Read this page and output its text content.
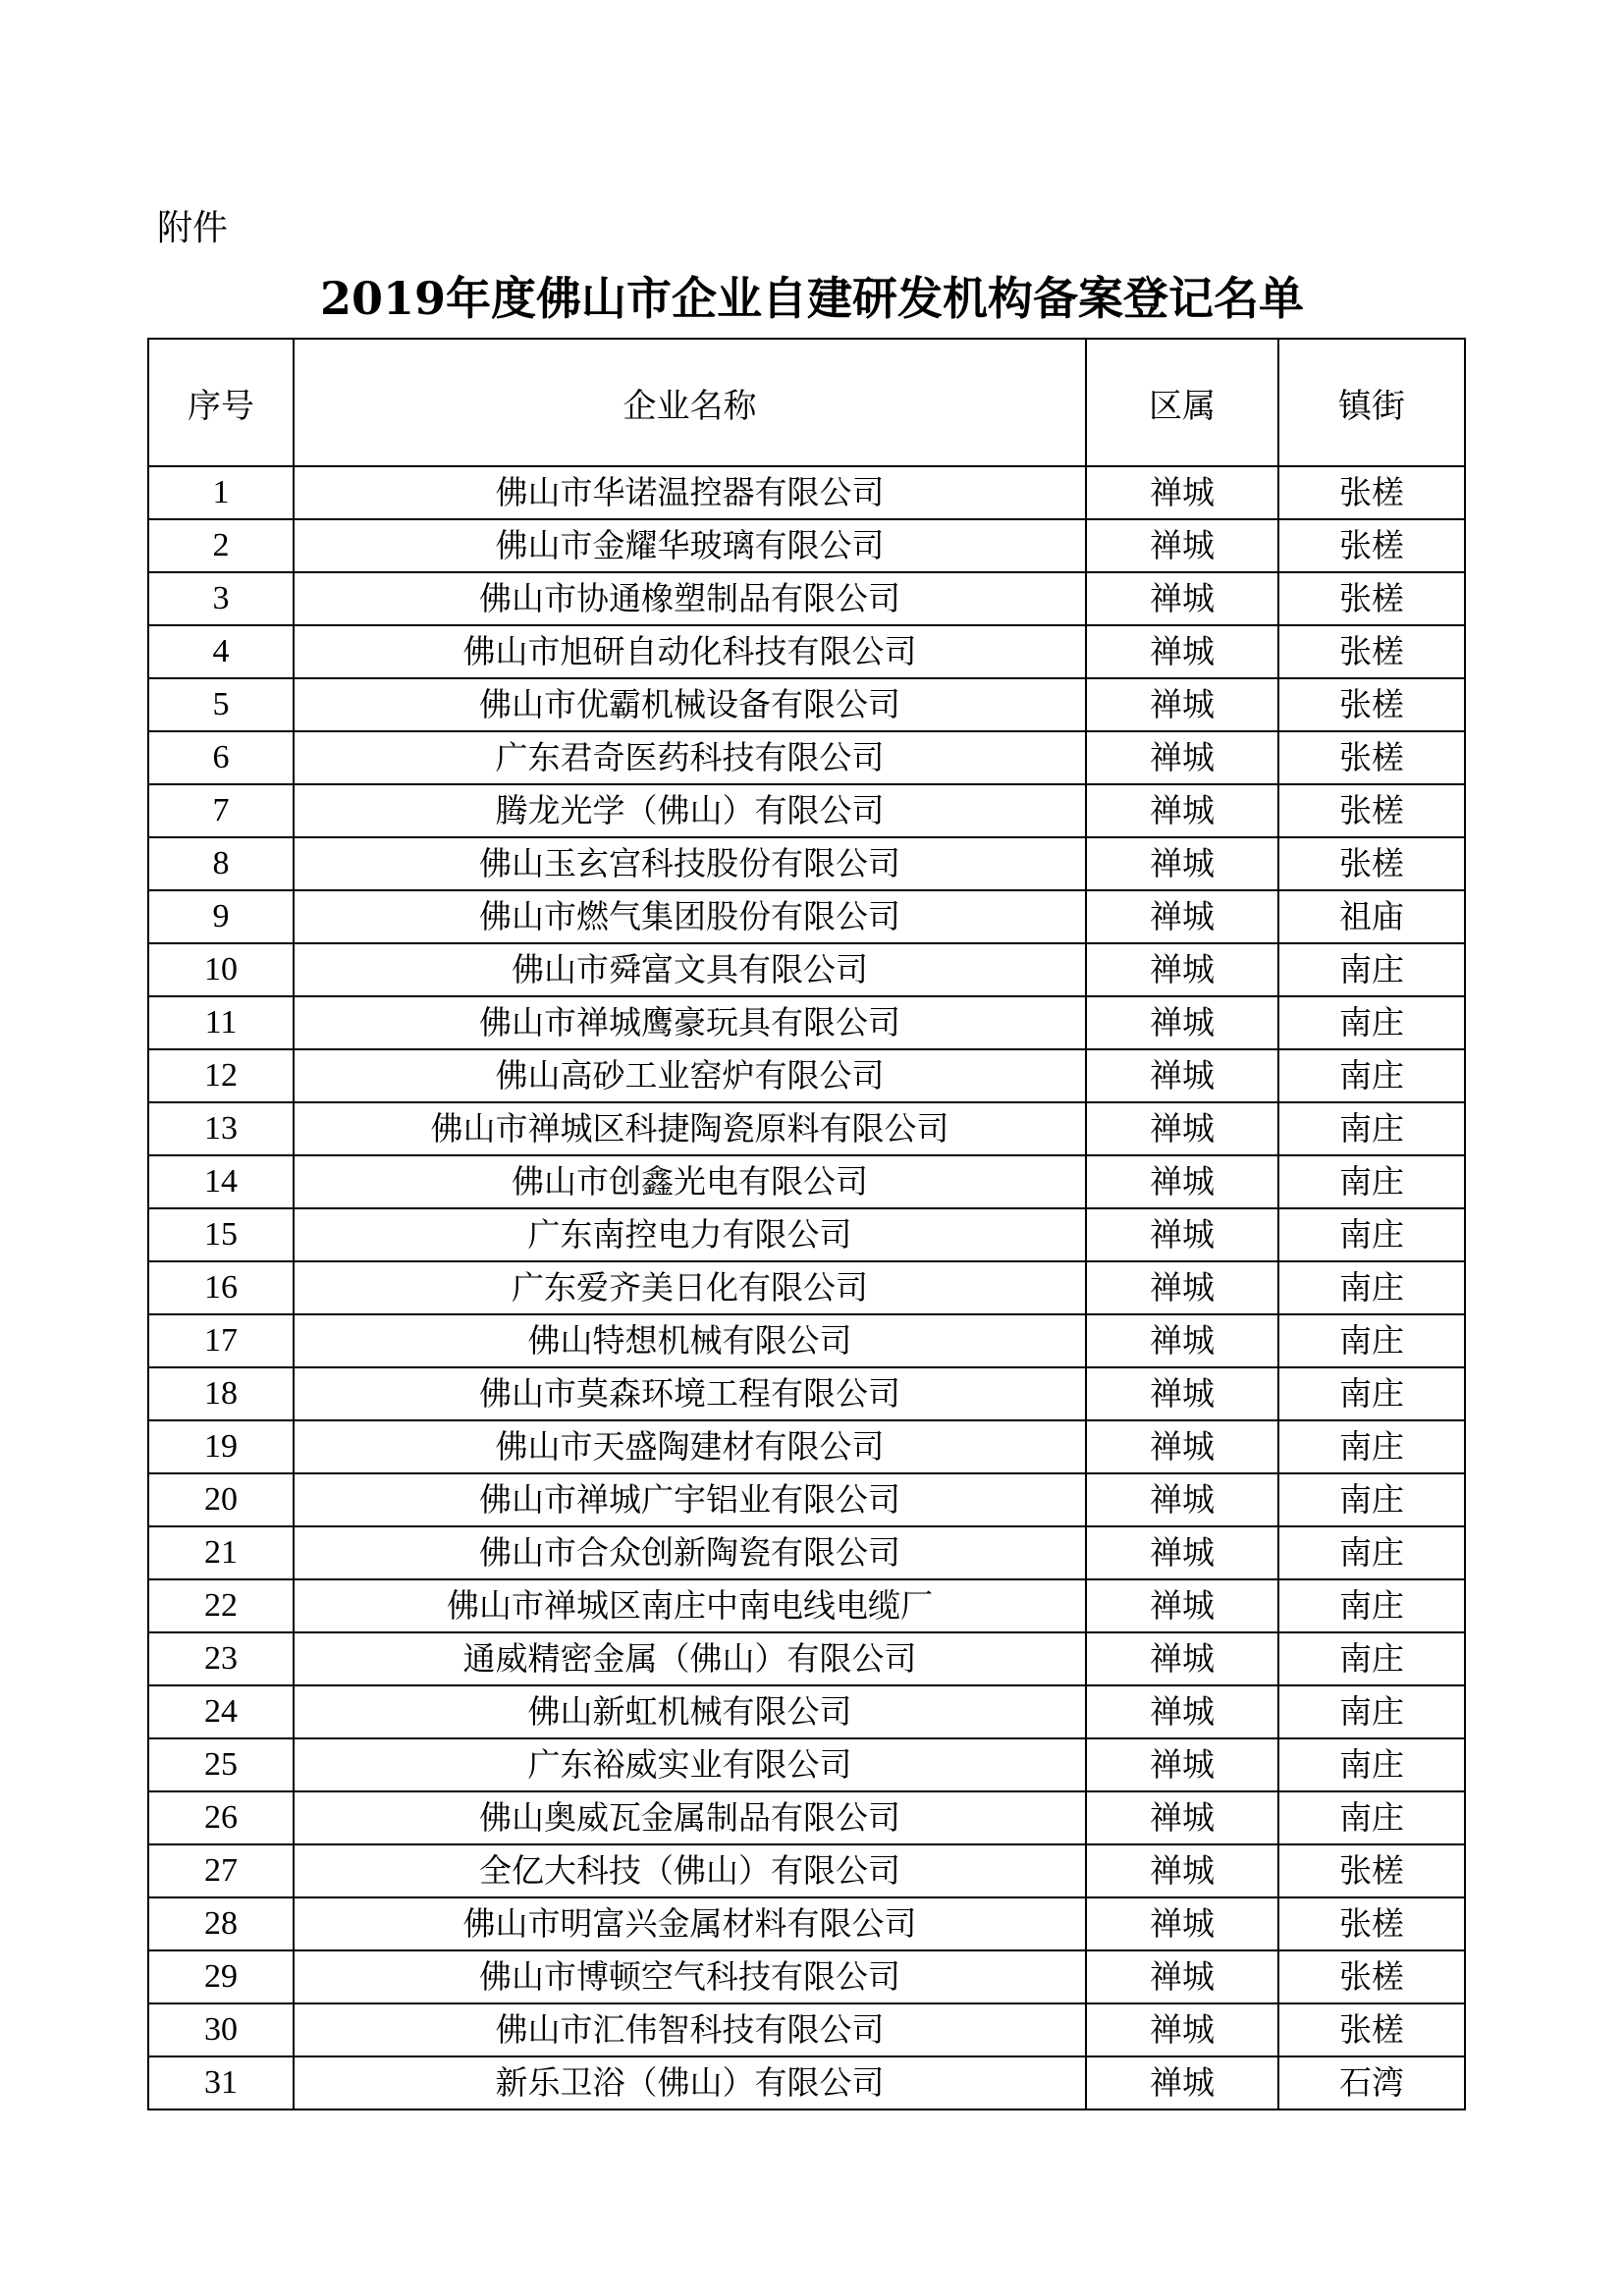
附件
2019年度佛山市企业自建研发机构备案登记名单
序号	企业名称	区属	镇街
1	佛山市华诺温控器有限公司	禅城	张槎
2	佛山市金耀华玻璃有限公司	禅城	张槎
3	佛山市协通橡塑制品有限公司	禅城	张槎
4	佛山市旭研自动化科技有限公司	禅城	张槎
5	佛山市优霸机械设备有限公司	禅城	张槎
6	广东君奇医药科技有限公司	禅城	张槎
7	腾龙光学（佛山）有限公司	禅城	张槎
8	佛山玉玄宫科技股份有限公司	禅城	张槎
9	佛山市燃气集团股份有限公司	禅城	祖庙
10	佛山市舜富文具有限公司	禅城	南庄
11	佛山市禅城鹰豪玩具有限公司	禅城	南庄
12	佛山高砂工业窑炉有限公司	禅城	南庄
13	佛山市禅城区科捷陶瓷原料有限公司	禅城	南庄
14	佛山市创鑫光电有限公司	禅城	南庄
15	广东南控电力有限公司	禅城	南庄
16	广东爱齐美日化有限公司	禅城	南庄
17	佛山特想机械有限公司	禅城	南庄
18	佛山市莫森环境工程有限公司	禅城	南庄
19	佛山市天盛陶建材有限公司	禅城	南庄
20	佛山市禅城广宇铝业有限公司	禅城	南庄
21	佛山市合众创新陶瓷有限公司	禅城	南庄
22	佛山市禅城区南庄中南电线电缆厂	禅城	南庄
23	通威精密金属（佛山）有限公司	禅城	南庄
24	佛山新虹机械有限公司	禅城	南庄
25	广东裕威实业有限公司	禅城	南庄
26	佛山奥威瓦金属制品有限公司	禅城	南庄
27	全亿大科技（佛山）有限公司	禅城	张槎
28	佛山市明富兴金属材料有限公司	禅城	张槎
29	佛山市博顿空气科技有限公司	禅城	张槎
30	佛山市汇伟智科技有限公司	禅城	张槎
31	新乐卫浴（佛山）有限公司	禅城	石湾
